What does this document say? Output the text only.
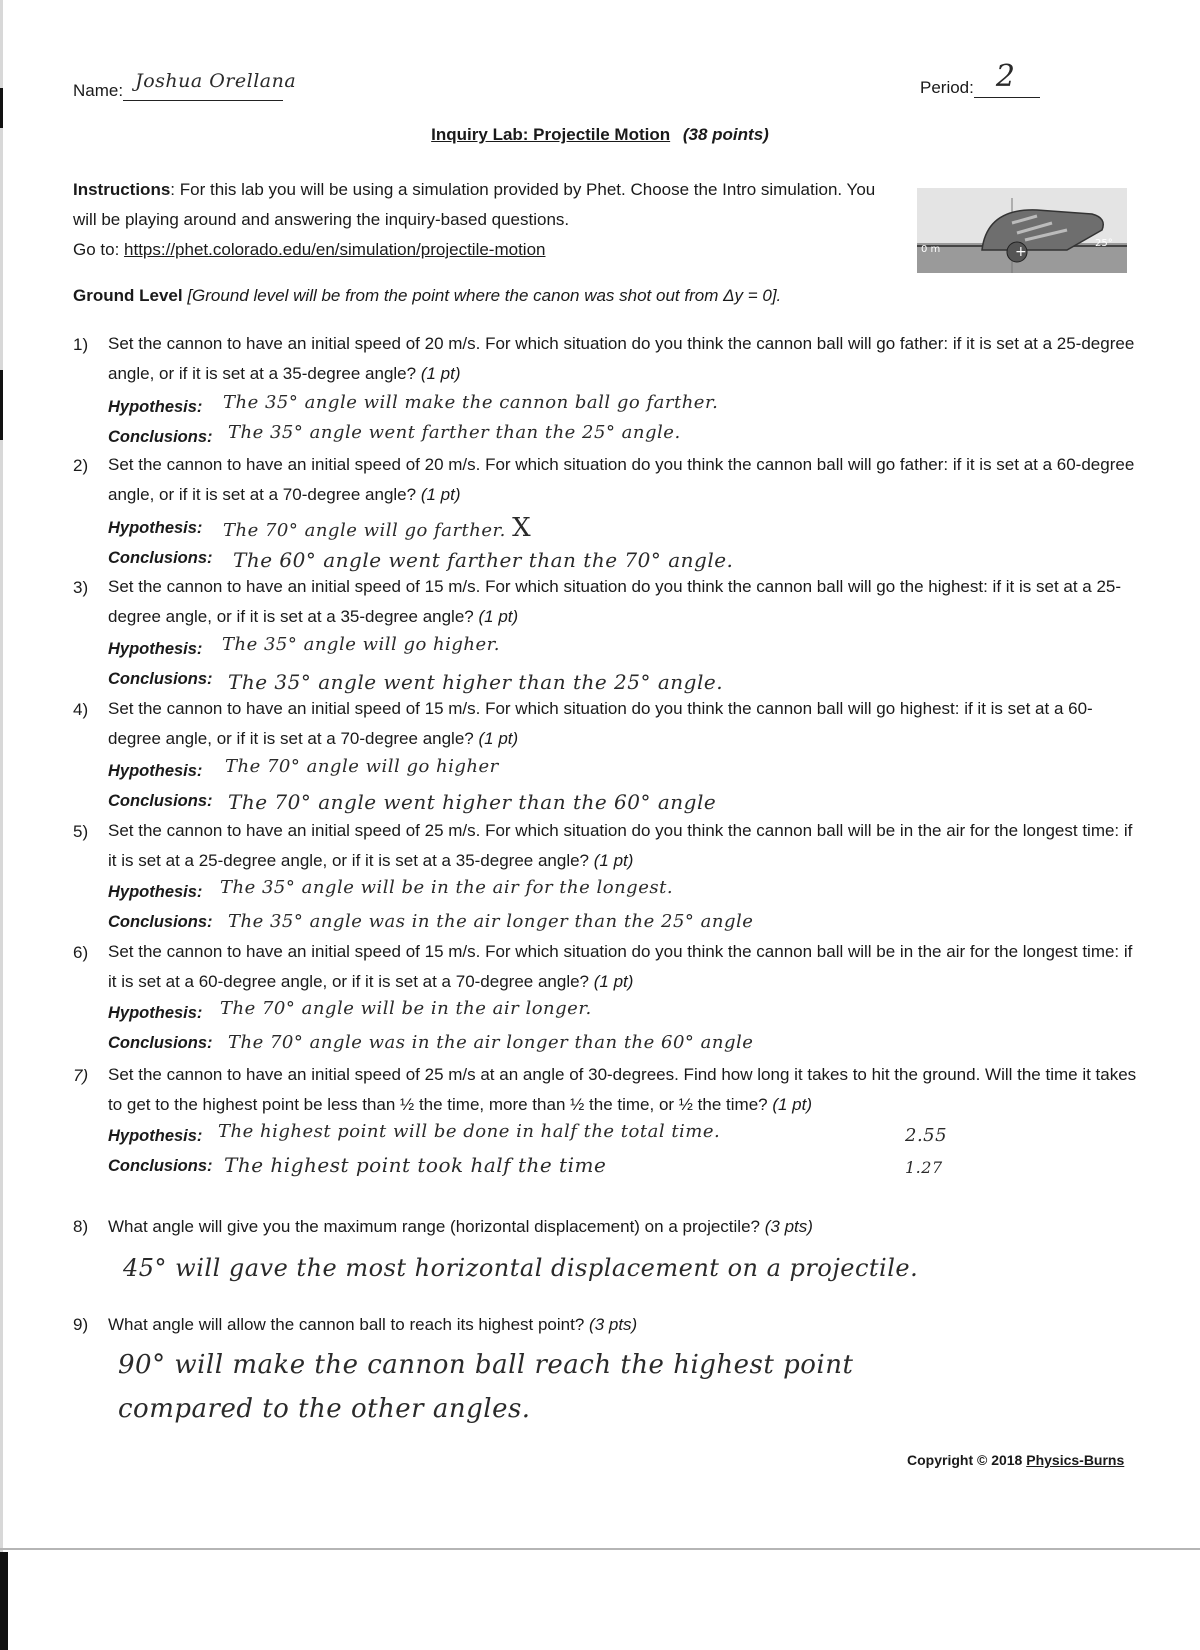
Name: Joshua Orellana	Period: 2
Inquiry Lab: Projectile Motion (38 points)
Instructions: For this lab you will be using a simulation provided by Phet. Choose the Intro simulation. You will be playing around and answering the inquiry-based questions.
Go to: https://phet.colorado.edu/en/simulation/projectile-motion	+
0 m
25°
Ground Level [Ground level will be from the point where the canon was shot out from Δy = 0].
1) Set the cannon to have an initial speed of 20 m/s. For which situation do you think the cannon ball will go father: if it is set at a 25-degree angle, or if it is set at a 35-degree angle? (1 pt)
Hypothesis: The 35° angle will make the cannon ball go farther.
Conclusions: The 35° angle went farther than the 25° angle.
2) Set the cannon to have an initial speed of 20 m/s. For which situation do you think the cannon ball will go father: if it is set at a 60-degree angle, or if it is set at a 70-degree angle? (1 pt)
Hypothesis: The 70° angle will go farther. X
Conclusions: The 60° angle went farther than the 70° angle.
3) Set the cannon to have an initial speed of 15 m/s. For which situation do you think the cannon ball will go the highest: if it is set at a 25-degree angle, or if it is set at a 35-degree angle? (1 pt)
Hypothesis: The 35° angle will go higher.
Conclusions: The 35° angle went higher than the 25° angle.
4) Set the cannon to have an initial speed of 15 m/s. For which situation do you think the cannon ball will go highest: if it is set at a 60-degree angle, or if it is set at a 70-degree angle? (1 pt)
Hypothesis: The 70° angle will go higher
Conclusions: The 70° angle went higher than the 60° angle
5) Set the cannon to have an initial speed of 25 m/s. For which situation do you think the cannon ball will be in the air for the longest time: if it is set at a 25-degree angle, or if it is set at a 35-degree angle? (1 pt)
Hypothesis: The 35° angle will be in the air for the longest.
Conclusions: The 35° angle was in the air longer than the 25° angle
6) Set the cannon to have an initial speed of 15 m/s. For which situation do you think the cannon ball will be in the air for the longest time: if it is set at a 60-degree angle, or if it is set at a 70-degree angle? (1 pt)
Hypothesis: The 70° angle will be in the air longer.
Conclusions: The 70° angle was in the air longer than the 60° angle
7) Set the cannon to have an initial speed of 25 m/s at an angle of 30-degrees. Find how long it takes to hit the ground. Will the time it takes to get to the highest point be less than ½ the time, more than ½ the time, or ½ the time? (1 pt)
Hypothesis: The highest point will be done in half the total time.
Conclusions: The highest point took half the time
2.55
1.27
8) What angle will give you the maximum range (horizontal displacement) on a projectile? (3 pts)
45° will gave the most horizontal displacement on a projectile.
9) What angle will allow the cannon ball to reach its highest point? (3 pts)
90° will make the cannon ball reach the highest point
compared to the other angles.
Copyright © 2018 Physics-Burns
